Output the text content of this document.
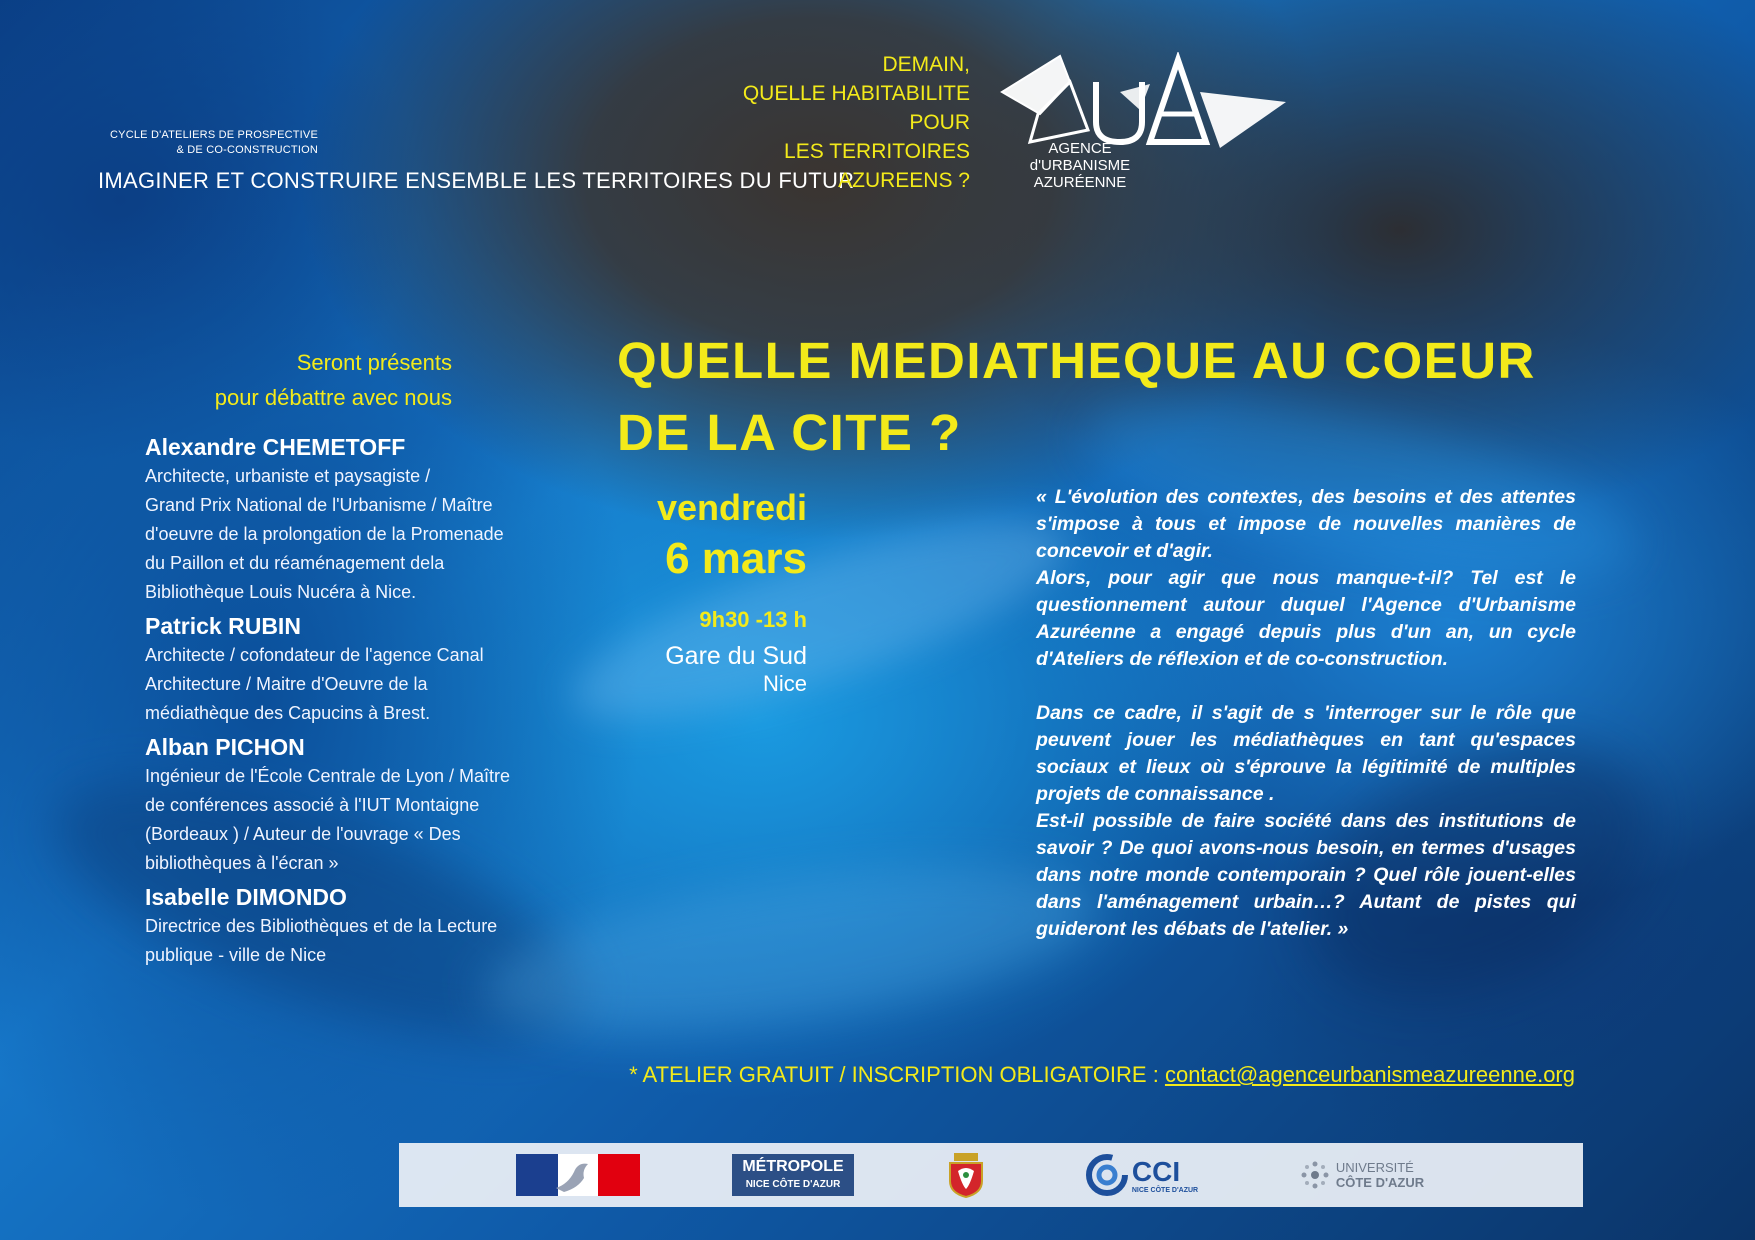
CYCLE D'ATELIERS DE PROSPECTIVE
& DE CO-CONSTRUCTION
IMAGINER ET CONSTRUIRE ENSEMBLE LES TERRITOIRES DU FUTUR
DEMAIN,
QUELLE HABITABILITE
POUR
LES TERRITOIRES
AZUREENS ?
AGENCE
d'URBANISME
AZURÉENNE
QUELLE MEDIATHEQUE AU COEUR
DE LA CITE ?
Seront présents
pour débattre avec nous
Alexandre CHEMETOFF
Architecte, urbaniste et paysagiste /
Grand Prix National de l'Urbanisme / Maître
d'oeuvre de la prolongation de la Promenade
du Paillon et du réaménagement dela
Bibliothèque Louis Nucéra à Nice.
Patrick RUBIN
Architecte / cofondateur de l'agence Canal
Architecture / Maitre d'Oeuvre de la
médiathèque des Capucins à Brest.
Alban PICHON
Ingénieur de l'École Centrale de Lyon / Maître
de conférences associé à l'IUT Montaigne
(Bordeaux ) / Auteur de l'ouvrage « Des
bibliothèques à l'écran »
Isabelle DIMONDO
Directrice des Bibliothèques et de la Lecture
publique - ville de Nice
vendredi
6 mars
9h30 -13 h
Gare du Sud
Nice

« L'évolution des contextes, des besoins et des attentes s'impose à tous et impose de nouvelles manières de concevoir et d'agir.

Alors, pour agir que nous manque-t-il? Tel est le questionnement autour duquel l'Agence d'Urbanisme Azuréenne a engagé depuis plus d'un an, un cycle d'Ateliers de réflexion et de co-construction.

Dans ce cadre, il s'agit de s 'interroger sur le rôle que peuvent jouer les médiathèques en tant qu'espaces sociaux et lieux où s'éprouve la légitimité de multiples projets de connaissance .

Est-il possible de faire société dans des institutions de savoir ? De quoi avons-nous besoin, en termes d'usages dans notre monde contemporain ? Quel rôle jouent-elles dans l'aménagement urbain…? Autant de pistes qui guideront les débats de l'atelier. »

* ATELIER GRATUIT / INSCRIPTION OBLIGATOIRE : contact@agenceurbanismeazureenne.org
MÉTROPOLE
NICE CÔTE D'AZUR	CCI
NICE CÔTE D'AZUR
UNIVERSITÉ
CÔTE D'AZUR
